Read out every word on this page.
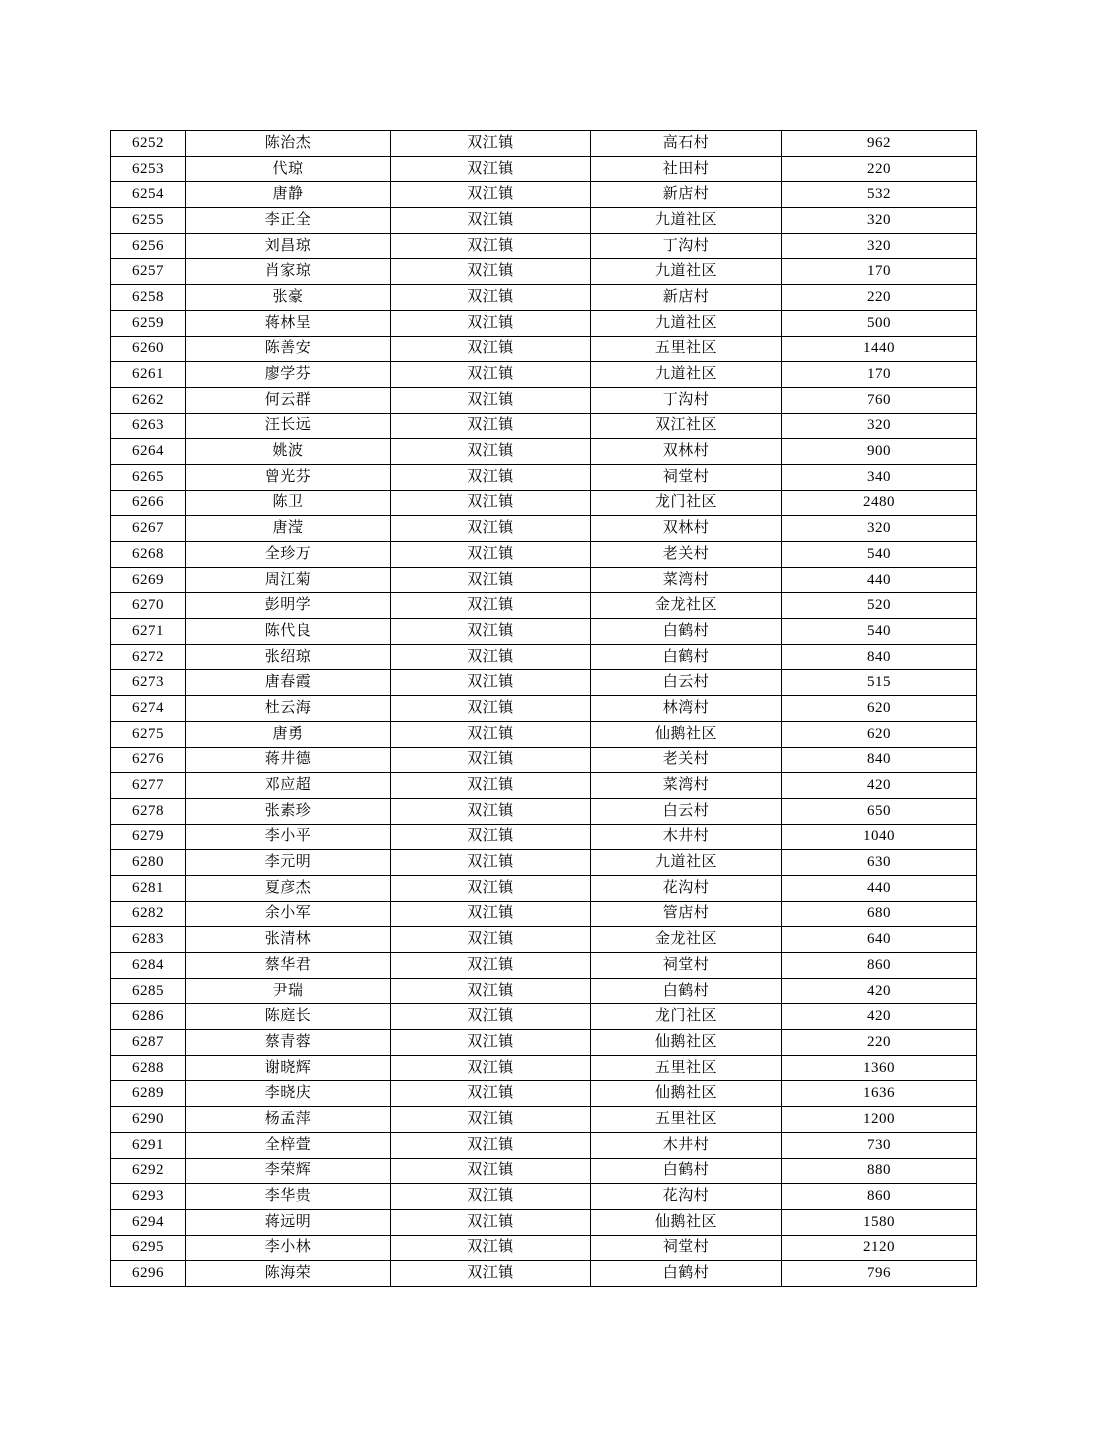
6252	陈治杰	双江镇	高石村	962
6253	代琼	双江镇	社田村	220
6254	唐静	双江镇	新店村	532
6255	李正全	双江镇	九道社区	320
6256	刘昌琼	双江镇	丁沟村	320
6257	肖家琼	双江镇	九道社区	170
6258	张豪	双江镇	新店村	220
6259	蒋林呈	双江镇	九道社区	500
6260	陈善安	双江镇	五里社区	1440
6261	廖学芬	双江镇	九道社区	170
6262	何云群	双江镇	丁沟村	760
6263	汪长远	双江镇	双江社区	320
6264	姚波	双江镇	双林村	900
6265	曾光芬	双江镇	祠堂村	340
6266	陈卫	双江镇	龙门社区	2480
6267	唐滢	双江镇	双林村	320
6268	全珍万	双江镇	老关村	540
6269	周江菊	双江镇	菜湾村	440
6270	彭明学	双江镇	金龙社区	520
6271	陈代良	双江镇	白鹤村	540
6272	张绍琼	双江镇	白鹤村	840
6273	唐春霞	双江镇	白云村	515
6274	杜云海	双江镇	林湾村	620
6275	唐勇	双江镇	仙鹅社区	620
6276	蒋井德	双江镇	老关村	840
6277	邓应超	双江镇	菜湾村	420
6278	张素珍	双江镇	白云村	650
6279	李小平	双江镇	木井村	1040
6280	李元明	双江镇	九道社区	630
6281	夏彦杰	双江镇	花沟村	440
6282	余小军	双江镇	管店村	680
6283	张清林	双江镇	金龙社区	640
6284	蔡华君	双江镇	祠堂村	860
6285	尹瑞	双江镇	白鹤村	420
6286	陈庭长	双江镇	龙门社区	420
6287	蔡青蓉	双江镇	仙鹅社区	220
6288	谢晓辉	双江镇	五里社区	1360
6289	李晓庆	双江镇	仙鹅社区	1636
6290	杨孟萍	双江镇	五里社区	1200
6291	全梓萱	双江镇	木井村	730
6292	李荣辉	双江镇	白鹤村	880
6293	李华贵	双江镇	花沟村	860
6294	蒋远明	双江镇	仙鹅社区	1580
6295	李小林	双江镇	祠堂村	2120
6296	陈海荣	双江镇	白鹤村	796
